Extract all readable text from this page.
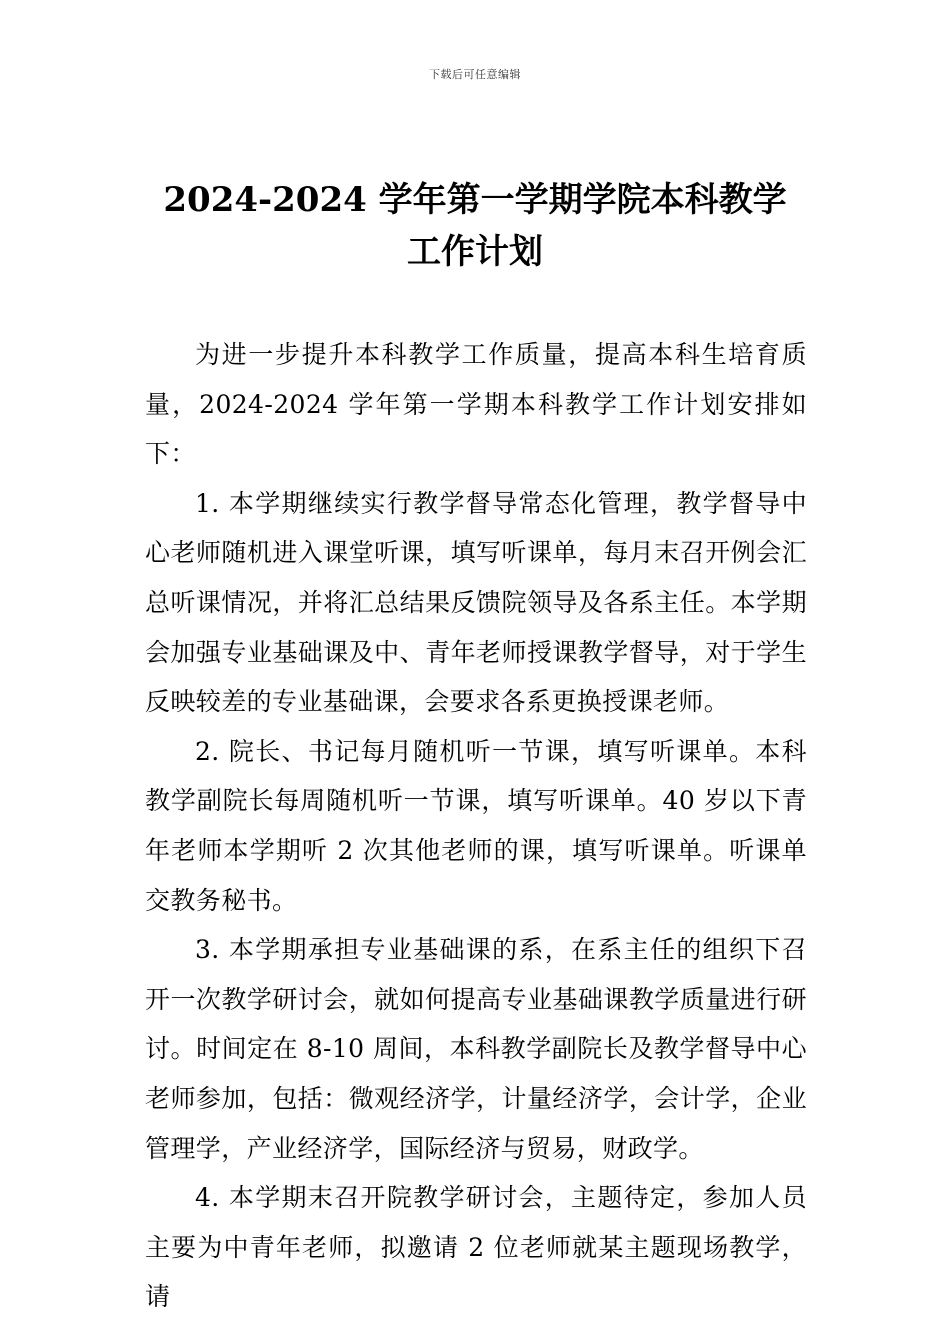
下载后可任意编辑
2024-2024 学年第一学期学院本科教学
工作计划

为进一步提升本科教学工作质量，提高本科生培育质量，2024-2024 学年第一学期本科教学工作计划安排如下：

1. 本学期继续实行教学督导常态化管理，教学督导中心老师随机进入课堂听课，填写听课单，每月末召开例会汇总听课情况，并将汇总结果反馈院领导及各系主任。本学期会加强专业基础课及中、青年老师授课教学督导，对于学生反映较差的专业基础课，会要求各系更换授课老师。

2. 院长、书记每月随机听一节课，填写听课单。本科教学副院长每周随机听一节课，填写听课单。40 岁以下青年老师本学期听 2 次其他老师的课，填写听课单。听课单交教务秘书。

3. 本学期承担专业基础课的系，在系主任的组织下召开一次教学研讨会，就如何提高专业基础课教学质量进行研讨。时间定在 8-10 周间，本科教学副院长及教学督导中心老师参加，包括：微观经济学，计量经济学，会计学，企业管理学，产业经济学，国际经济与贸易，财政学。

4. 本学期末召开院教学研讨会，主题待定，参加人员主要为中青年老师，拟邀请 2 位老师就某主题现场教学，请
